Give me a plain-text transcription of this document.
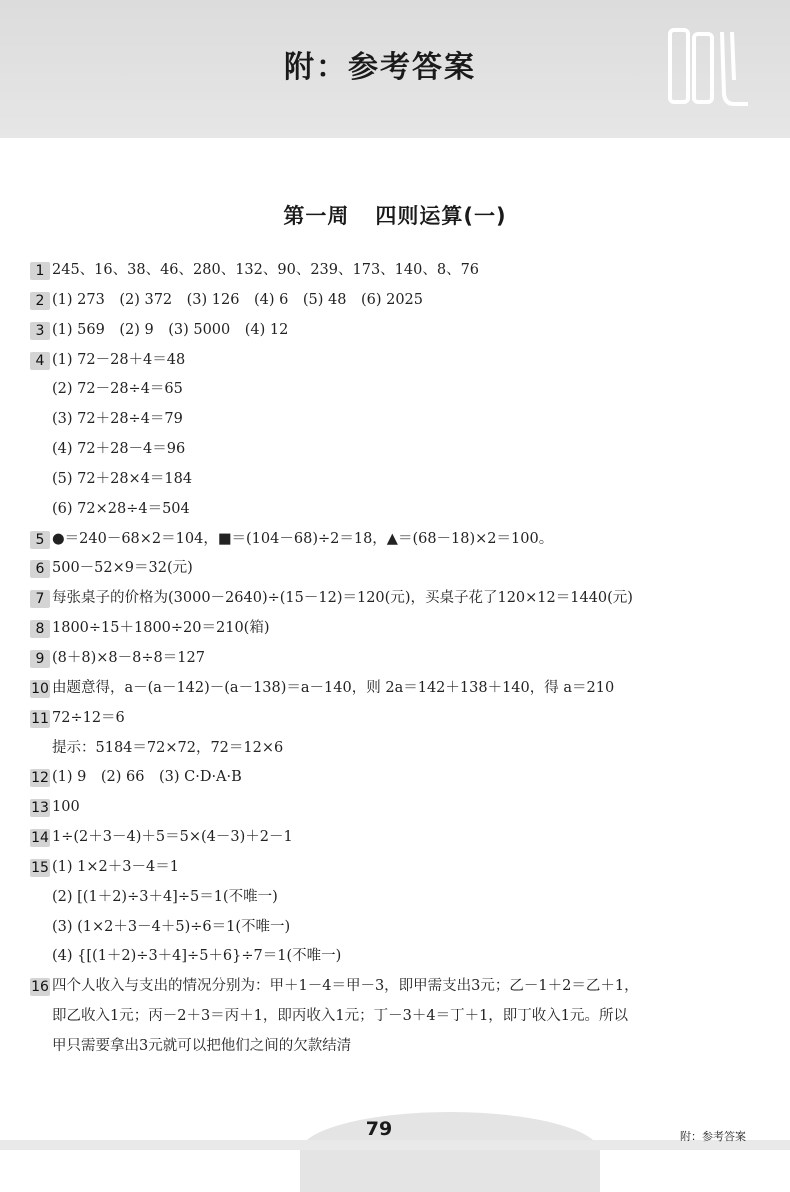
附：参考答案
第一周 四则运算(一)
1 245、16、38、46、280、132、90、239、173、140、8、76
2 (1) 273　(2) 372　(3) 126　(4) 6　(5) 48　(6) 2025
3 (1) 569　(2) 9　(3) 5000　(4) 12
4 (1) 72－28＋4＝48
(2) 72－28÷4＝65
(3) 72＋28÷4＝79
(4) 72＋28－4＝96
(5) 72＋28×4＝184
(6) 72×28÷4＝504
5 ●＝240－68×2＝104，■＝(104－68)÷2＝18，▲＝(68－18)×2＝100。
6 500－52×9＝32(元)
7 每张桌子的价格为(3000－2640)÷(15－12)＝120(元)，买桌子花了120×12＝1440(元)
8 1800÷15＋1800÷20＝210(箱)
9 (8＋8)×8－8÷8＝127
10 由题意得，a－(a－142)－(a－138)＝a－140，则 2a＝142＋138＋140，得 a＝210
11 72÷12＝6
提示：5184＝72×72，72＝12×6
12 (1) 9　(2) 66　(3) C·D·A·B
13 100
14 1÷(2＋3－4)＋5＝5×(4－3)＋2－1
15 (1) 1×2＋3－4＝1
(2) [(1＋2)÷3＋4]÷5＝1(不唯一)
(3) (1×2＋3－4＋5)÷6＝1(不唯一)
(4) {[(1＋2)÷3＋4]÷5＋6}÷7＝1(不唯一)
16 四个人收入与支出的情况分别为：甲＋1－4＝甲－3，即甲需支出3元；乙－1＋2＝乙＋1，
即乙收入1元；丙－2＋3＝丙＋1，即丙收入1元；丁－3＋4＝丁＋1，即丁收入1元。所以
甲只需要拿出3元就可以把他们之间的欠款结清
79	附：参考答案
